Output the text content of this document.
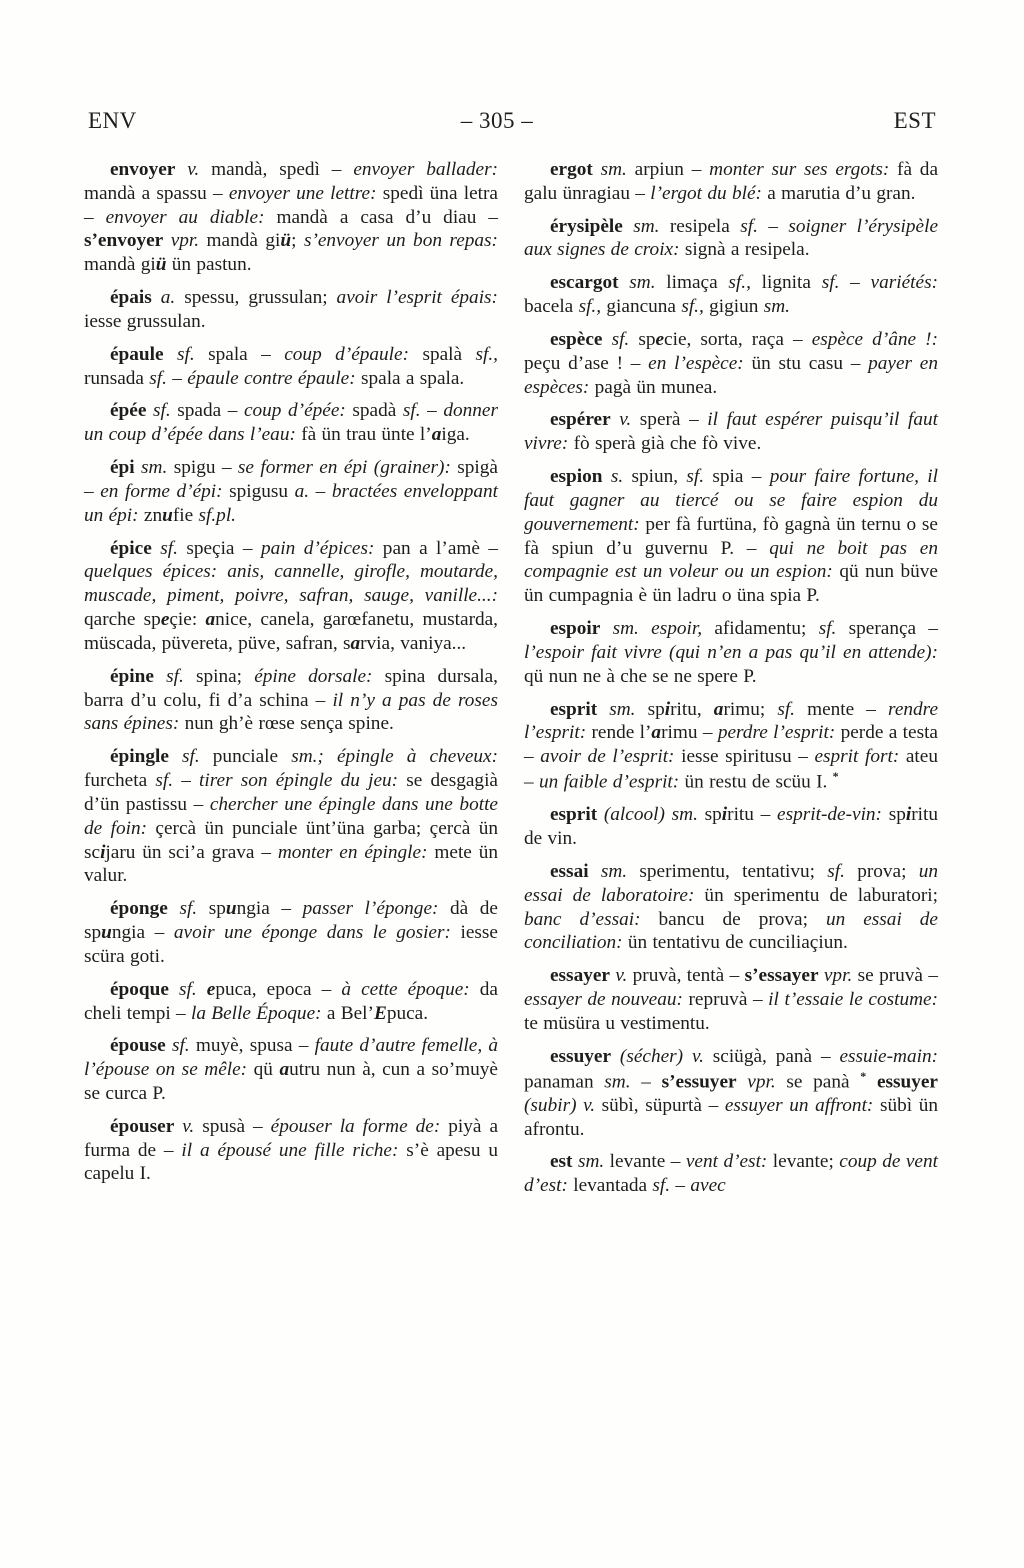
ENV	– 305 –	EST

envoyer v. mandà, spedì – envoyer ballader: mandà a spassu – envoyer une lettre: spedì üna letra – envoyer au diable: mandà a casa d’u diau – s’envoyer vpr. mandà giü; s’envoyer un bon repas: mandà giü ün pastun.

épais a. spessu, grussulan; avoir l’esprit épais: iesse grussulan.

épaule sf. spala – coup d’épaule: spalà sf., runsada sf. – épaule contre épaule: spala a spala.

épée sf. spada – coup d’épée: spadà sf. – donner un coup d’épée dans l’eau: fà ün trau ünte l’aiga.

épi sm. spigu – se former en épi (grainer): spigà – en forme d’épi: spigusu a. – bractées enveloppant un épi: znufie sf.pl.

épice sf. speçia – pain d’épices: pan a l’amè – quelques épices: anis, cannelle, girofle, moutarde, muscade, piment, poivre, safran, sauge, vanille...: qarche speçie: anice, canela, garœfanetu, mustarda, müscada, püvereta, püve, safran, sarvia, vaniya...

épine sf. spina; épine dorsale: spina dursala, barra d’u colu, fi d’a schina – il n’y a pas de roses sans épines: nun gh’è rœse sença spine.

épingle sf. punciale sm.; épingle à cheveux: furcheta sf. – tirer son épingle du jeu: se desgagià d’ün pastissu – chercher une épingle dans une botte de foin: çercà ün punciale ünt’üna garba; çercà ün scijaru ün sci’a grava – monter en épingle: mete ün valur.

éponge sf. spungia – passer l’éponge: dà de spungia – avoir une éponge dans le gosier: iesse scüra goti.

époque sf. epuca, epoca – à cette époque: da cheli tempi – la Belle Époque: a Bel’Epuca.

épouse sf. muyè, spusa – faute d’autre femelle, à l’épouse on se mêle: qü autru nun à, cun a so’muyè se curca P.

épouser v. spusà – épouser la forme de: piyà a furma de – il a épousé une fille riche: s’è apesu u capelu I.

ergot sm. arpiun – monter sur ses ergots: fà da galu ünragiau – l’ergot du blé: a marutia d’u gran.

érysipèle sm. resipela sf. – soigner l’érysipèle aux signes de croix: signà a resipela.

escargot sm. limaça sf., lignita sf. – variétés: bacela sf., giancuna sf., gigiun sm.

espèce sf. specie, sorta, raça – espèce d’âne !: peçu d’ase ! – en l’espèce: ün stu casu – payer en espèces: pagà ün munea.

espérer v. sperà – il faut espérer puisqu’il faut vivre: fò sperà già che fò vive.

espion s. spiun, sf. spia – pour faire fortune, il faut gagner au tiercé ou se faire espion du gouvernement: per fà furtüna, fò gagnà ün ternu o se fà spiun d’u guvernu P. – qui ne boit pas en compagnie est un voleur ou un espion: qü nun büve ün cumpagnia è ün ladru o üna spia P.

espoir sm. espoir, afidamentu; sf. sperança – l’espoir fait vivre (qui n’en a pas qu’il en attende): qü nun ne à che se ne spere P.

esprit sm. spiritu, arimu; sf. mente – rendre l’esprit: rende l’arimu – perdre l’esprit: perde a testa – avoir de l’esprit: iesse spiritusu – esprit fort: ateu – un faible d’esprit: ün restu de scüu I. *

esprit (alcool) sm. spiritu – esprit-de-vin: spiritu de vin.

essai sm. sperimentu, tentativu; sf. prova; un essai de laboratoire: ün sperimentu de laburatori; banc d’essai: bancu de prova; un essai de conciliation: ün tentativu de cunciliaçiun.

essayer v. pruvà, tentà – s’essayer vpr. se pruvà – essayer de nouveau: repruvà – il t’essaie le costume: te müsüra u vestimentu.

essuyer (sécher) v. sciügà, panà – essuie-main: panaman sm. – s’essuyer vpr. se panà * essuyer (subir) v. sübì, süpurtà – essuyer un affront: sübì ün afrontu.

est sm. levante – vent d’est: levante; coup de vent d’est: levantada sf. – avec
